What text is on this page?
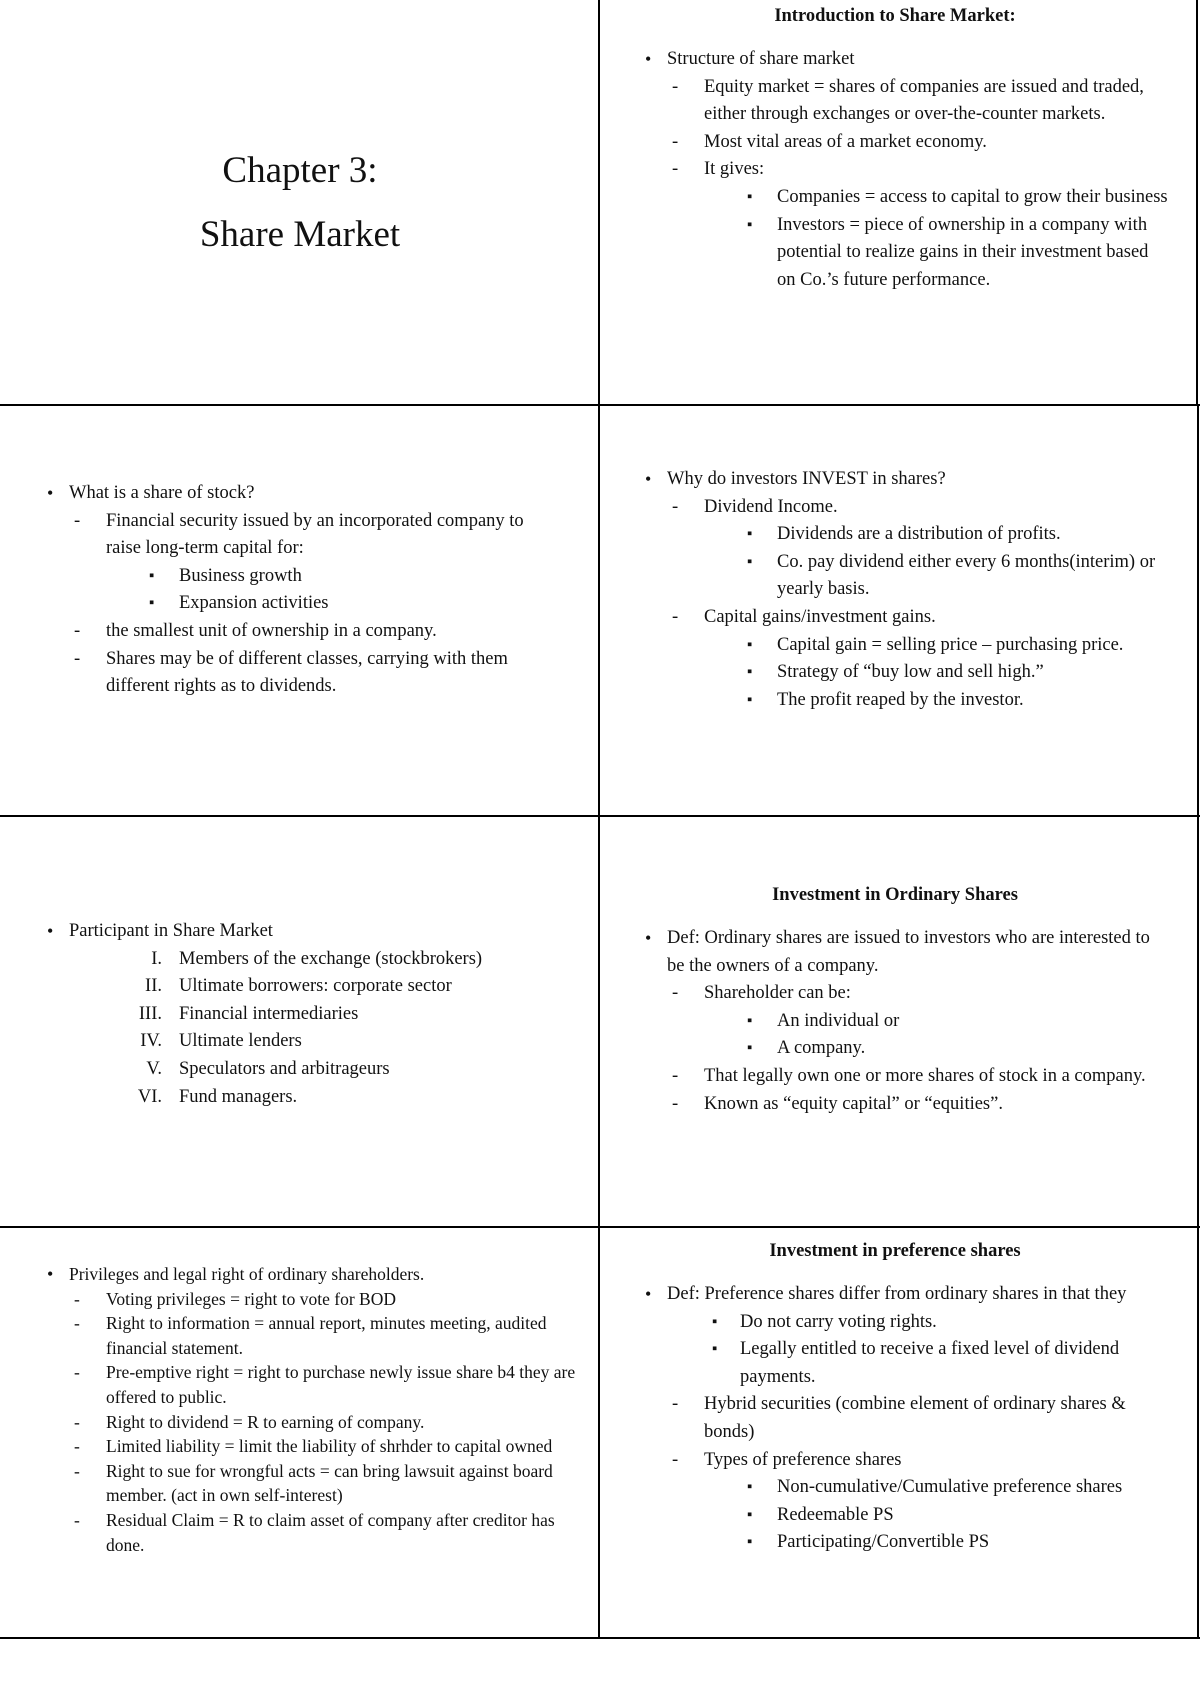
Chapter 3:
Share Market
Introduction to Share Market:
• Structure of share market
- Equity market = shares of companies are issued and traded, either through exchanges or over-the-counter markets.
- Most vital areas of a market economy.
- It gives:
▪ Companies = access to capital to grow their business
▪ Investors = piece of ownership in a company with potential to realize gains in their investment based on Co.’s future performance.
• What is a share of stock?
- Financial security issued by an incorporated company to raise long-term capital for:
▪ Business growth
▪ Expansion activities
- the smallest unit of ownership in a company.
- Shares may be of different classes, carrying with them different rights as to dividends.
• Why do investors INVEST in shares?
- Dividend Income.
▪ Dividends are a distribution of profits.
▪ Co. pay dividend either every 6 months(interim) or yearly basis.
- Capital gains/investment gains.
▪ Capital gain = selling price – purchasing price.
▪ Strategy of “buy low and sell high.”
▪ The profit reaped by the investor.
• Participant in Share Market
I. Members of the exchange (stockbrokers)
II. Ultimate borrowers: corporate sector
III. Financial intermediaries
IV. Ultimate lenders
V. Speculators and arbitrageurs
VI. Fund managers.
Investment in Ordinary Shares
• Def: Ordinary shares are issued to investors who are interested to be the owners of a company.
- Shareholder can be:
▪ An individual or
▪ A company.
- That legally own one or more shares of stock in a company.
- Known as “equity capital” or “equities”.
• Privileges and legal right of ordinary shareholders.
- Voting privileges = right to vote for BOD
- Right to information = annual report, minutes meeting, audited financial statement.
- Pre-emptive right = right to purchase newly issue share b4 they are offered to public.
- Right to dividend = R to earning of company.
- Limited liability = limit the liability of shrhder to capital owned
- Right to sue for wrongful acts = can bring lawsuit against board member. (act in own self-interest)
- Residual Claim = R to claim asset of company after creditor has done.
Investment in preference shares
• Def: Preference shares differ from ordinary shares in that they
▪ Do not carry voting rights.
▪ Legally entitled to receive a fixed level of dividend payments.
- Hybrid securities (combine element of ordinary shares & bonds)
- Types of preference shares
▪ Non-cumulative/Cumulative preference shares
▪ Redeemable PS
▪ Participating/Convertible PS
